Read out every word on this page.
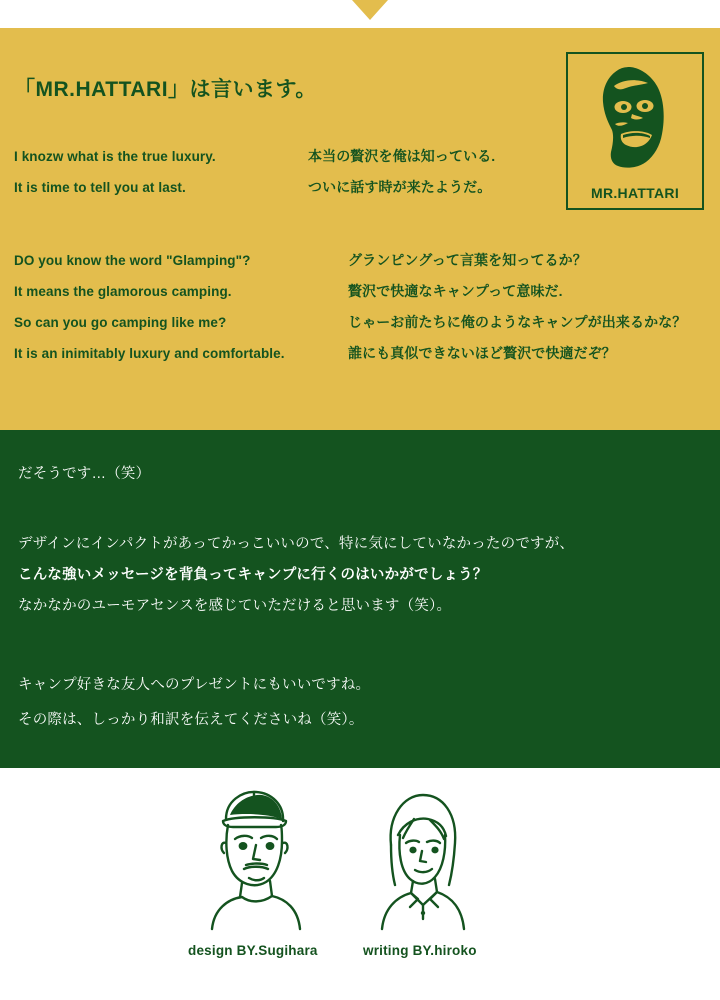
「MR.HATTARI」は言います。
MR.HATTARI
I knozw what is the true luxury.	本当の贅沢を俺は知っている.
It is time to tell you at last.	ついに話す時が来たようだ。
DO you know the word "Glamping"?	グランピングって言葉を知ってるか？
It means the glamorous camping.	贅沢で快適なキャンプって意味だ.
So can you go camping like me?	じゃーお前たちに俺のようなキャンプが出来るかな？
It is an inimitably luxury and comfortable.	誰にも真似できないほど贅沢で快適だぞ？
だそうです…（笑）
デザインにインパクトがあってかっこいいので、特に気にしていなかったのですが、
こんな強いメッセージを背負ってキャンプに行くのはいかがでしょう？
なかなかのユーモアセンスを感じていただけると思います（笑）。
キャンプ好きな友人へのプレゼントにもいいですね。
その際は、しっかり和訳を伝えてくださいね（笑）。
design BY.Sugihara	writing BY.hiroko
